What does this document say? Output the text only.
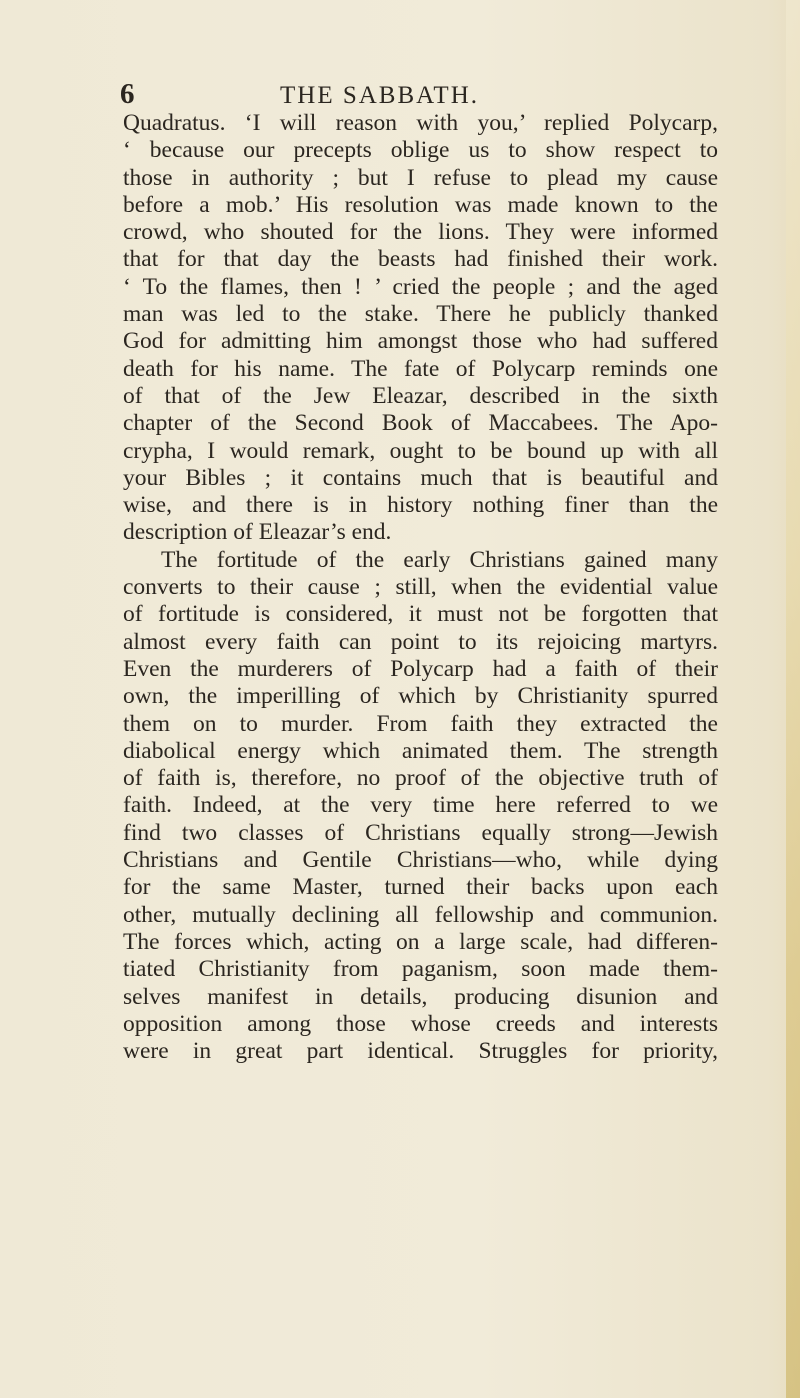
6	THE SABBATH.
Quadratus. ‘I will reason with you,’ replied Polycarp,
‘ because our precepts oblige us to show respect to
those in authority ; but I refuse to plead my cause
before a mob.’ His resolution was made known to the
crowd, who shouted for the lions. They were informed
that for that day the beasts had finished their work.
‘ To the flames, then ! ’ cried the people ; and the aged
man was led to the stake. There he publicly thanked
God for admitting him amongst those who had suffered
death for his name. The fate of Polycarp reminds one
of that of the Jew Eleazar, described in the sixth
chapter of the Second Book of Maccabees. The Apo-
crypha, I would remark, ought to be bound up with all
your Bibles ; it contains much that is beautiful and
wise, and there is in history nothing finer than the
description of Eleazar’s end.
The fortitude of the early Christians gained many
converts to their cause ; still, when the evidential value
of fortitude is considered, it must not be forgotten that
almost every faith can point to its rejoicing martyrs.
Even the murderers of Polycarp had a faith of their
own, the imperilling of which by Christianity spurred
them on to murder. From faith they extracted the
diabolical energy which animated them. The strength
of faith is, therefore, no proof of the objective truth of
faith. Indeed, at the very time here referred to we
find two classes of Christians equally strong—Jewish
Christians and Gentile Christians—who, while dying
for the same Master, turned their backs upon each
other, mutually declining all fellowship and communion.
The forces which, acting on a large scale, had differen-
tiated Christianity from paganism, soon made them-
selves manifest in details, producing disunion and
opposition among those whose creeds and interests
were in great part identical. Struggles for priority,
